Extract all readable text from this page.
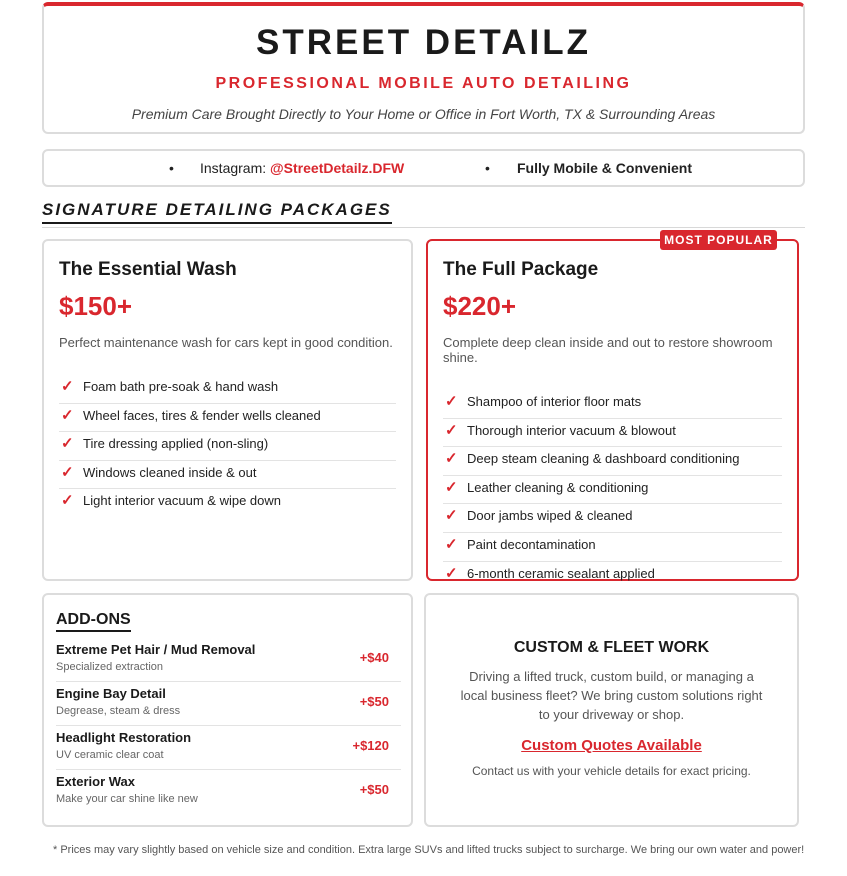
STREET DETAILZ
PROFESSIONAL MOBILE AUTO DETAILING
Premium Care Brought Directly to Your Home or Office in Fort Worth, TX & Surrounding Areas
• Instagram: @StreetDetailz.DFW	• Fully Mobile & Convenient
SIGNATURE DETAILING PACKAGES
The Essential Wash
$150+
Perfect maintenance wash for cars kept in good condition.
✓ Foam bath pre-soak & hand wash
✓ Wheel faces, tires & fender wells cleaned
✓ Tire dressing applied (non-sling)
✓ Windows cleaned inside & out
✓ Light interior vacuum & wipe down
The Full Package
$220+
Complete deep clean inside and out to restore showroom shine.
✓ Shampoo of interior floor mats
✓ Thorough interior vacuum & blowout
✓ Deep steam cleaning & dashboard conditioning
✓ Leather cleaning & conditioning
✓ Door jambs wiped & cleaned
✓ Paint decontamination
✓ 6-month ceramic sealant applied
MOST POPULAR
ADD-ONS
Extreme Pet Hair / Mud Removal
Specialized extraction
+$40
Engine Bay Detail
Degrease, steam & dress
+$50
Headlight Restoration
UV ceramic clear coat
+$120
Exterior Wax
Make your car shine like new
+$50
CUSTOM & FLEET WORK
Driving a lifted truck, custom build, or managing a local business fleet? We bring custom solutions right to your driveway or shop.
Custom Quotes Available
Contact us with your vehicle details for exact pricing.
* Prices may vary slightly based on vehicle size and condition. Extra large SUVs and lifted trucks subject to surcharge. We bring our own water and power!
